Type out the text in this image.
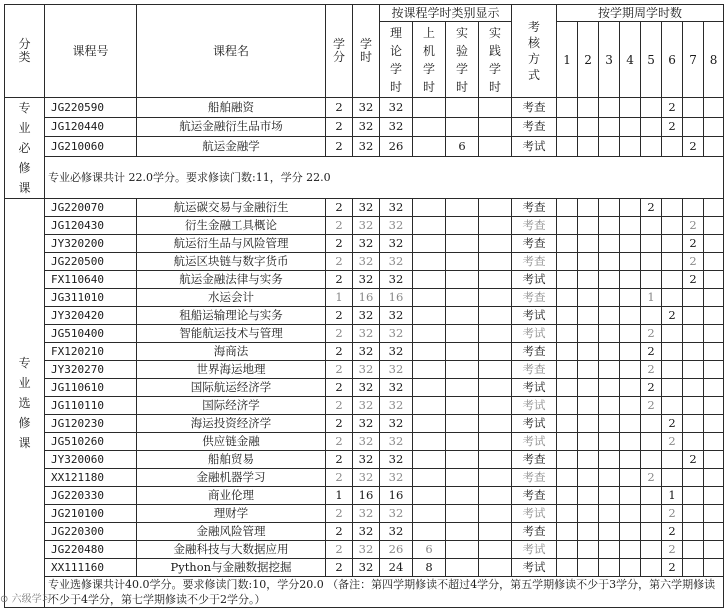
分类	课程号	课程名	学分	学时	按课程学时类别显示				考核方式	按学期周学时数							
					理论学时	上机学时	实验学时	实践学时		1	2	3	4	5	6	7	8
专业必修课	JG220590	船舶融资	2	32	32				考查						2		
	JG120440	航运金融衍生品市场	2	32	32				考查						2		
	JG210060	航运金融学	2	32	26		6		考试							2	
	专业必修课共计 22.0学分。要求修读门数:11，学分 22.0																
专业选修课	JG220070	航运碳交易与金融衍生	2	32	32				考查					2			
	JG120430	衍生金融工具概论	2	32	32				考查							2	
	JY320200	航运衍生品与风险管理	2	32	32				考查							2	
	JG220500	航运区块链与数字货币	2	32	32				考查							2	
	FX110640	航运金融法律与实务	2	32	32				考试							2	
	JG311010	水运会计	1	16	16				考查					1			
	JY320420	租船运输理论与实务	2	32	32				考试						2		
	JG510400	智能航运技术与管理	2	32	32				考试					2			
	FX120210	海商法	2	32	32				考查					2			
	JY320270	世界海运地理	2	32	32				考查					2			
	JG110610	国际航运经济学	2	32	32				考试					2			
	JG110110	国际经济学	2	32	32				考试					2			
	JG120230	海运投资经济学	2	32	32				考试						2		
	JG510260	供应链金融	2	32	32				考试						2		
	JY320060	船舶贸易	2	32	32				考查							2	
	XX121180	金融机器学习	2	32	32				考查					2			
	JG220330	商业伦理	1	16	16				考查						1		
	JG210100	理财学	2	32	32				考试						2		
	JG220300	金融风险管理	2	32	32				考查						2		
	JG220480	金融科技与大数据应用	2	32	26	6			考试						2		
	XX111160	Python与金融数据挖掘	2	32	24	8			考试						2		
	专业选修课共计40.0学分。要求修读门数:10，学分20.0 （备注：第四学期修读不超过4学分，第五学期修读不少于3学分，第六学期修读不少于4学分，第七学期修读不少于2学分。）																
⊙ 六级学习
